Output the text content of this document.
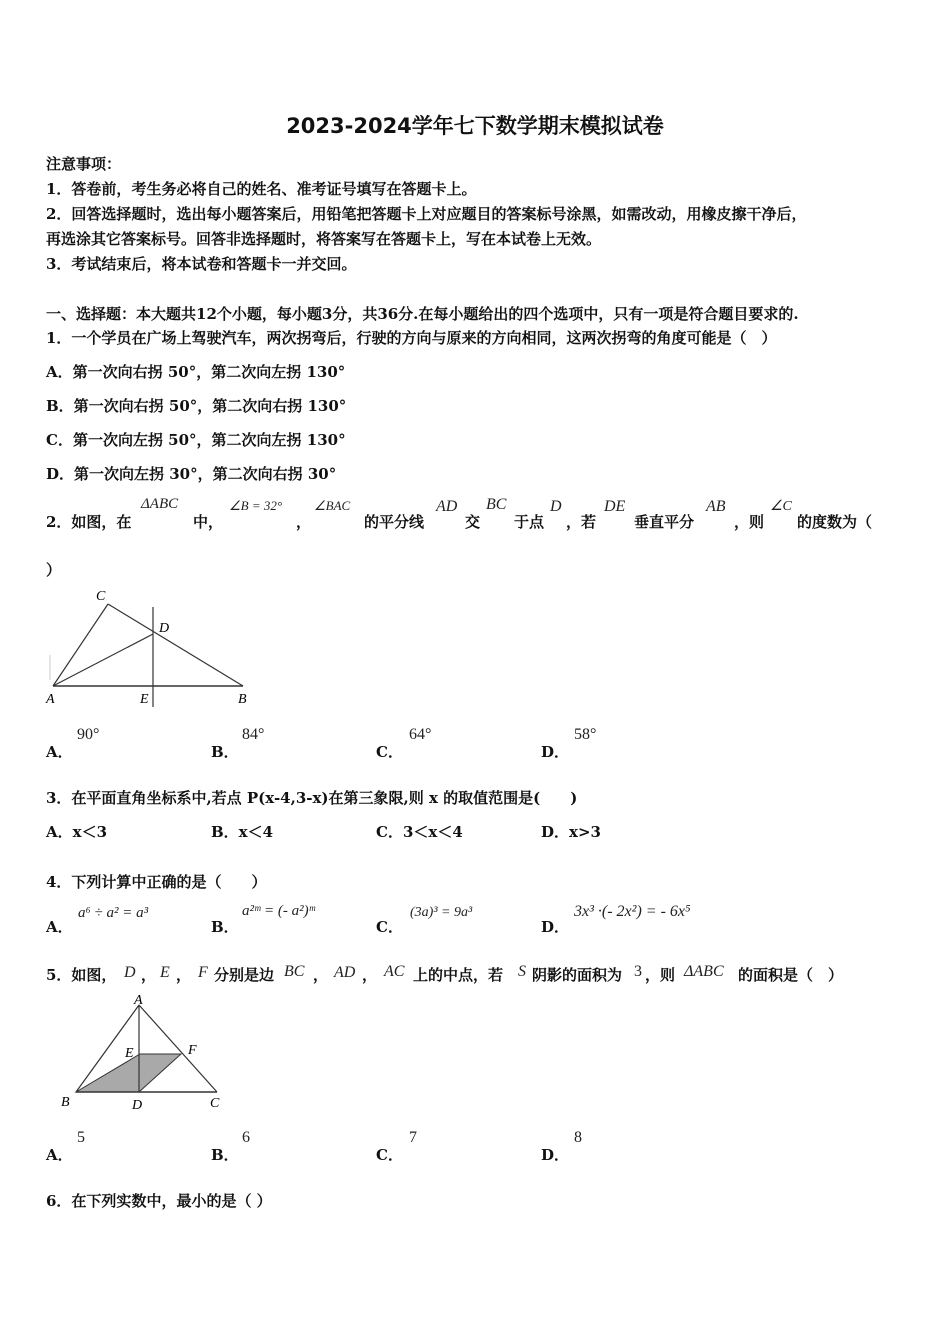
2023-2024学年七下数学期末模拟试卷
注意事项：
1．答卷前，考生务必将自己的姓名、准考证号填写在答题卡上。
2．回答选择题时，选出每小题答案后，用铅笔把答题卡上对应题目的答案标号涂黑，如需改动，用橡皮擦干净后，
再选涂其它答案标号。回答非选择题时，将答案写在答题卡上，写在本试卷上无效。
3．考试结束后，将本试卷和答题卡一并交回。
一、选择题：本大题共12个小题，每小题3分，共36分.在每小题给出的四个选项中，只有一项是符合题目要求的.
1．一个学员在广场上驾驶汽车，两次拐弯后，行驶的方向与原来的方向相同，这两次拐弯的角度可能是（　）
A．第一次向右拐 50°，第二次向左拐 130°
B．第一次向右拐 50°，第二次向右拐 130°
C．第一次向左拐 50°，第二次向左拐 130°
D．第一次向左拐 30°，第二次向右拐 30°
2．如图，在
ΔABC
中，
∠B = 32°
，
∠BAC
的平分线
AD
交
BC
于点
D
，若
DE
垂直平分
AB
，则
∠C
的度数为（
）
C
D
A	E	B
A．
90°
B．
84°
C．
64°
D．
58°
3．在平面直角坐标系中,若点 P(x-4,3-x)在第三象限,则 x 的取值范围是(　　)
A．x＜3	B．x＜4	C．3＜x＜4	D．x>3
4．下列计算中正确的是（　　）
A．
a⁶ ÷ a² = a³
B．
a²ᵐ = (- a²)ᵐ
C．
(3a)³ = 9a³
D．
3x³ ·(- 2x²) = - 6x⁵
5．如图， D ， E ， F 分别是边 BC ， AD ， AC 上的中点，若 S 阴影的面积为 3 ，则 ΔABC 的面积是（　）
A
E	F
B	D	C
A．
5
B．
6
C．
7
D．
8
6．在下列实数中，最小的是（ ）
